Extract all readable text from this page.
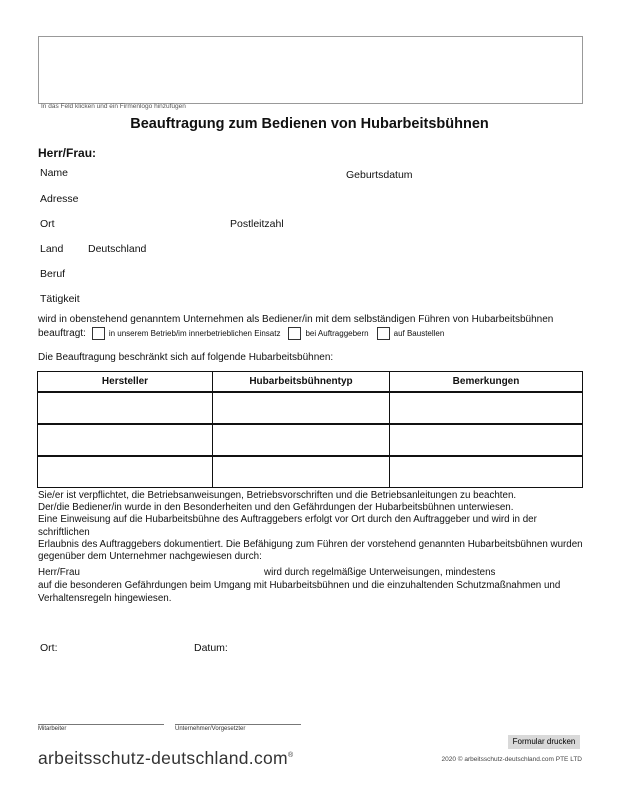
In das Feld klicken und ein Firmenlogo hinzufügen
Beauftragung zum Bedienen von Hubarbeitsbühnen
Herr/Frau:
Name	Geburtsdatum
Adresse
Ort	Postleitzahl
Land Deutschland
Beruf
Tätigkeit
wird in obenstehend genanntem Unternehmen als Bediener/in mit dem selbständigen Führen von Hubarbeitsbühnen
beauftragt:	in unserem Betrieb/im innerbetrieblichen Einsatz	bei Auftraggebern	auf Baustellen
Die Beauftragung beschränkt sich auf folgende Hubarbeitsbühnen:
Hersteller	Hubarbeitsbühnentyp	Bemerkungen

Sie/er ist verpflichtet, die Betriebsanweisungen, Betriebsvorschriften und die Betriebsanleitungen zu beachten.
Der/die Bediener/in wurde in den Besonderheiten und den Gefährdungen der Hubarbeitsbühnen unterwiesen.
Eine Einweisung auf die Hubarbeitsbühne des Auftraggebers erfolgt vor Ort durch den Auftraggeber und wird in der schriftlichen
Erlaubnis des Auftraggebers dokumentiert. Die Befähigung zum Führen der vorstehend genannten Hubarbeitsbühnen wurden
gegenüber dem Unternehmer nachgewiesen durch:
Herr/Frau	wird durch regelmäßige Unterweisungen, mindestens
auf die besonderen Gefährdungen beim Umgang mit Hubarbeitsbühnen und die einzuhaltenden Schutzmaßnahmen und
Verhaltensregeln hingewiesen.
Ort:	Datum:
Mitarbeiter	Unternehmer/Vorgesetzter
arbeitsschutz-deutschland.com®
Formular drucken
2020 © arbeitsschutz-deutschland.com PTE LTD
